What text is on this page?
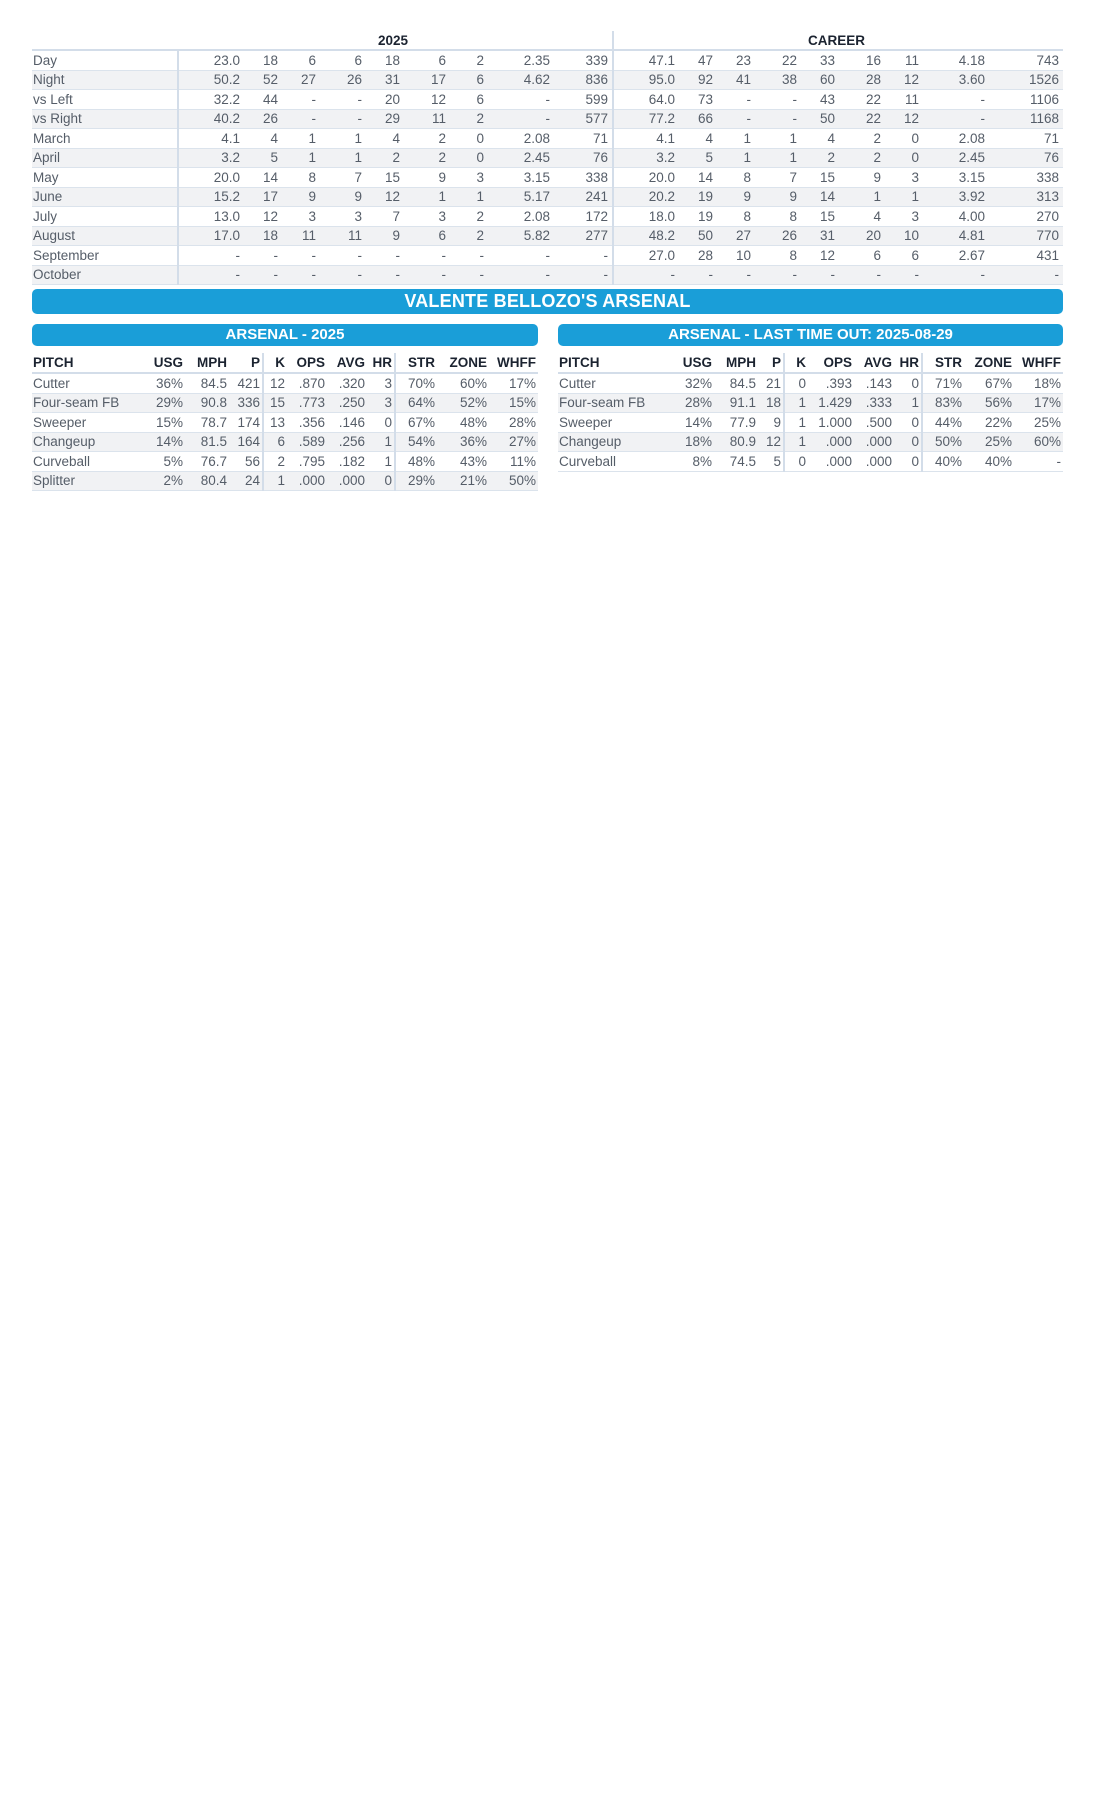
	2025									CAREER								
Day	23.0	18	6	6	18	6	2	2.35	339	47.1	47	23	22	33	16	11	4.18	743
Night	50.2	52	27	26	31	17	6	4.62	836	95.0	92	41	38	60	28	12	3.60	1526
vs Left	32.2	44	-	-	20	12	6	-	599	64.0	73	-	-	43	22	11	-	1106
vs Right	40.2	26	-	-	29	11	2	-	577	77.2	66	-	-	50	22	12	-	1168
March	4.1	4	1	1	4	2	0	2.08	71	4.1	4	1	1	4	2	0	2.08	71
April	3.2	5	1	1	2	2	0	2.45	76	3.2	5	1	1	2	2	0	2.45	76
May	20.0	14	8	7	15	9	3	3.15	338	20.0	14	8	7	15	9	3	3.15	338
June	15.2	17	9	9	12	1	1	5.17	241	20.2	19	9	9	14	1	1	3.92	313
July	13.0	12	3	3	7	3	2	2.08	172	18.0	19	8	8	15	4	3	4.00	270
August	17.0	18	11	11	9	6	2	5.82	277	48.2	50	27	26	31	20	10	4.81	770
September	-	-	-	-	-	-	-	-	-	27.0	28	10	8	12	6	6	2.67	431
October	-	-	-	-	-	-	-	-	-	-	-	-	-	-	-	-	-	-
VALENTE BELLOZO'S ARSENAL
ARSENAL - 2025	ARSENAL - LAST TIME OUT: 2025-08-29
PITCH	USG	MPH	P	K	OPS	AVG	HR	STR	ZONE	WHFF
Cutter	36%	84.5	421	12	.870	.320	3	70%	60%	17%
Four-seam FB	29%	90.8	336	15	.773	.250	3	64%	52%	15%
Sweeper	15%	78.7	174	13	.356	.146	0	67%	48%	28%
Changeup	14%	81.5	164	6	.589	.256	1	54%	36%	27%
Curveball	5%	76.7	56	2	.795	.182	1	48%	43%	11%
Splitter	2%	80.4	24	1	.000	.000	0	29%	21%	50%
PITCH	USG	MPH	P	K	OPS	AVG	HR	STR	ZONE	WHFF
Cutter	32%	84.5	21	0	.393	.143	0	71%	67%	18%
Four-seam FB	28%	91.1	18	1	1.429	.333	1	83%	56%	17%
Sweeper	14%	77.9	9	1	1.000	.500	0	44%	22%	25%
Changeup	18%	80.9	12	1	.000	.000	0	50%	25%	60%
Curveball	8%	74.5	5	0	.000	.000	0	40%	40%	-
